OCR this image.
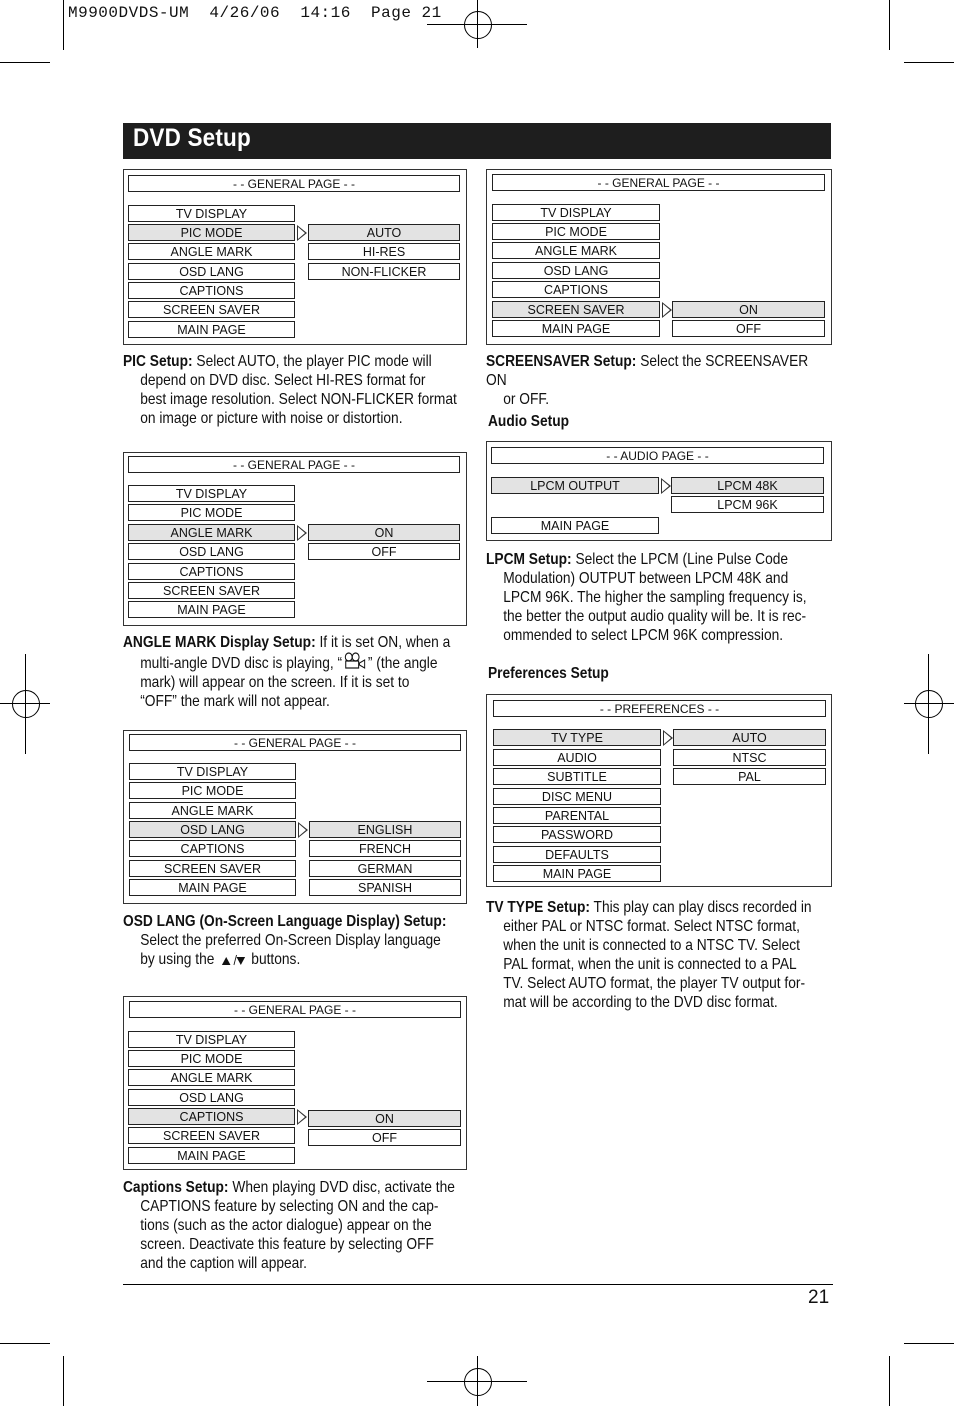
M9900DVDS-UM  4/26/06  14:16  Page 21
DVD Setup
- - GENERAL PAGE - -
TV DISPLAY
PIC MODE
ANGLE MARK
OSD LANG
CAPTIONS
SCREEN SAVER
MAIN PAGE
AUTO
HI-RES
NON-FLICKER
PIC Setup: Select AUTO, the player PIC mode will
depend on DVD disc. Select HI-RES format for
best image resolution. Select NON-FLICKER format
on image or picture with noise or distortion.
- - GENERAL PAGE - -
TV DISPLAY
PIC MODE
ANGLE MARK
OSD LANG
CAPTIONS
SCREEN SAVER
MAIN PAGE
ON
OFF
ANGLE MARK Display Setup: If it is set ON, when a
multi-angle DVD disc is playing, “ ” (the angle
mark) will appear on the screen. If it is set to
“OFF” the mark will not appear.
- - GENERAL PAGE - -
TV DISPLAY
PIC MODE
ANGLE MARK
OSD LANG
CAPTIONS
SCREEN SAVER
MAIN PAGE
ENGLISH
FRENCH
GERMAN
SPANISH
OSD LANG (On-Screen Language Display) Setup:
Select the preferred On-Screen Display language
by using the buttons.
- - GENERAL PAGE - -
TV DISPLAY
PIC MODE
ANGLE MARK
OSD LANG
CAPTIONS
SCREEN SAVER
MAIN PAGE
ON
OFF
Captions Setup: When playing DVD disc, activate the
CAPTIONS feature by selecting ON and the cap-
tions (such as the actor dialogue) appear on the
screen. Deactivate this feature by selecting OFF
and the caption will appear.
- - GENERAL PAGE - -
TV DISPLAY
PIC MODE
ANGLE MARK
OSD LANG
CAPTIONS
SCREEN SAVER
MAIN PAGE
ON
OFF
SCREENSAVER Setup: Select the SCREENSAVER ON
or OFF.
Audio Setup
- - AUDIO PAGE - -
LPCM OUTPUT
MAIN PAGE
LPCM 48K
LPCM 96K
LPCM Setup: Select the LPCM (Line Pulse Code
Modulation) OUTPUT between LPCM 48K and
LPCM 96K. The higher the sampling frequency is,
the better the output audio quality will be. It is rec-
ommended to select LPCM 96K compression.
Preferences Setup
- - PREFERENCES - -
TV TYPE
AUDIO
SUBTITLE
DISC MENU
PARENTAL
PASSWORD
DEFAULTS
MAIN PAGE
AUTO
NTSC
PAL
TV TYPE Setup: This play can play discs recorded in
either PAL or NTSC format. Select NTSC format,
when the unit is connected to a NTSC TV. Select
PAL format, when the unit is connected to a PAL
TV. Select AUTO format, the player TV output for-
mat will be according to the DVD disc format.
21
